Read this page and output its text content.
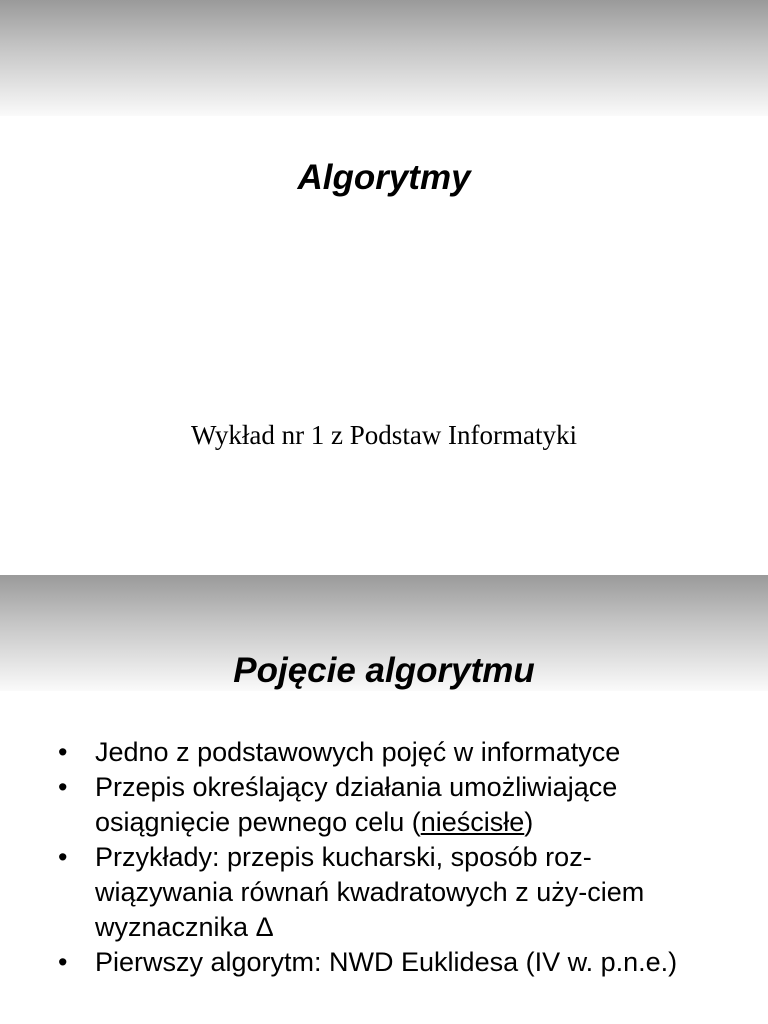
Algorytmy
Wykład nr 1 z Podstaw Informatyki
Pojęcie algorytmu
• Jedno z podstawowych pojęć w informatyce
• Przepis określający działania umożliwiające osiągnięcie pewnego celu (nieścisłe)
• Przykłady: przepis kucharski, sposób roz-wiązywania równań kwadratowych z uży-ciem wyznacznika Δ
• Pierwszy algorytm: NWD Euklidesa (IV w. p.n.e.)
